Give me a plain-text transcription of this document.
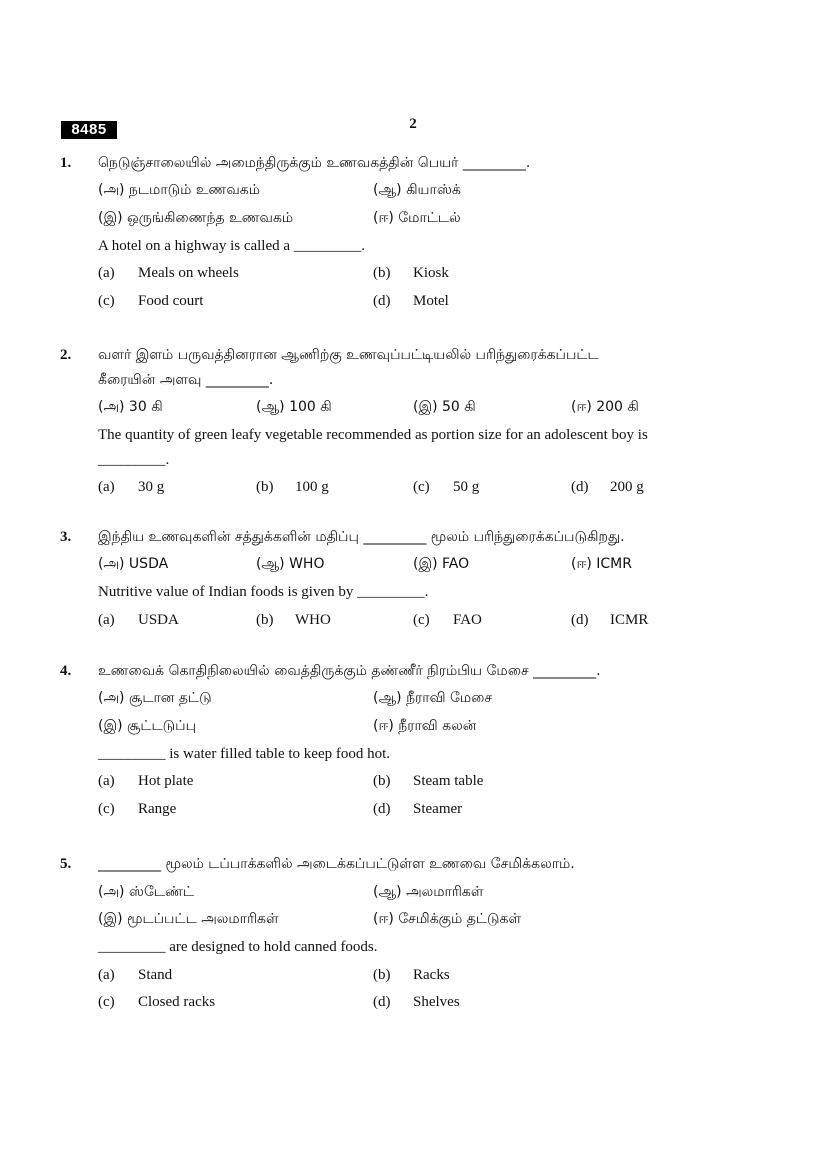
8485	2
1. நெடுஞ்சாலையில் அமைந்திருக்கும் உணவகத்தின் பெயர் _________.
(அ) நடமாடும் உணவகம்	(ஆ) கியாஸ்க்
(இ) ஒருங்கிணைந்த உணவகம்	(ஈ) மோட்டல்
A hotel on a highway is called a _________.
(a) Meals on wheels	(b) Kiosk
(c) Food court	(d) Motel
2. வளர் இளம் பருவத்தினரான ஆணிற்கு உணவுப்பட்டியலில் பரிந்துரைக்கப்பட்ட
கீரையின் அளவு _________.
(அ) 30 கி	(ஆ) 100 கி	(இ) 50 கி	(ஈ) 200 கி
The quantity of green leafy vegetable recommended as portion size for an adolescent boy is
_________.
(a) 30 g	(b) 100 g	(c) 50 g	(d) 200 g
3. இந்திய உணவுகளின் சத்துக்களின் மதிப்பு _________ மூலம் பரிந்துரைக்கப்படுகிறது.
(அ) USDA	(ஆ) WHO	(இ) FAO	(ஈ) ICMR
Nutritive value of Indian foods is given by _________.
(a) USDA	(b) WHO	(c) FAO	(d) ICMR
4. உணவைக் கொதிநிலையில் வைத்திருக்கும் தண்ணீர் நிரம்பிய மேசை _________.
(அ) சூடான தட்டு	(ஆ) நீராவி மேசை
(இ) சூட்டடுப்பு	(ஈ) நீராவி கலன்
_________ is water filled table to keep food hot.
(a) Hot plate	(b) Steam table
(c) Range	(d) Steamer
5. _________ மூலம் டப்பாக்களில் அடைக்கப்பட்டுள்ள உணவை சேமிக்கலாம்.
(அ) ஸ்டேண்ட்	(ஆ) அலமாரிகள்
(இ) மூடப்பட்ட அலமாரிகள்	(ஈ) சேமிக்கும் தட்டுகள்
_________ are designed to hold canned foods.
(a) Stand	(b) Racks
(c) Closed racks	(d) Shelves
